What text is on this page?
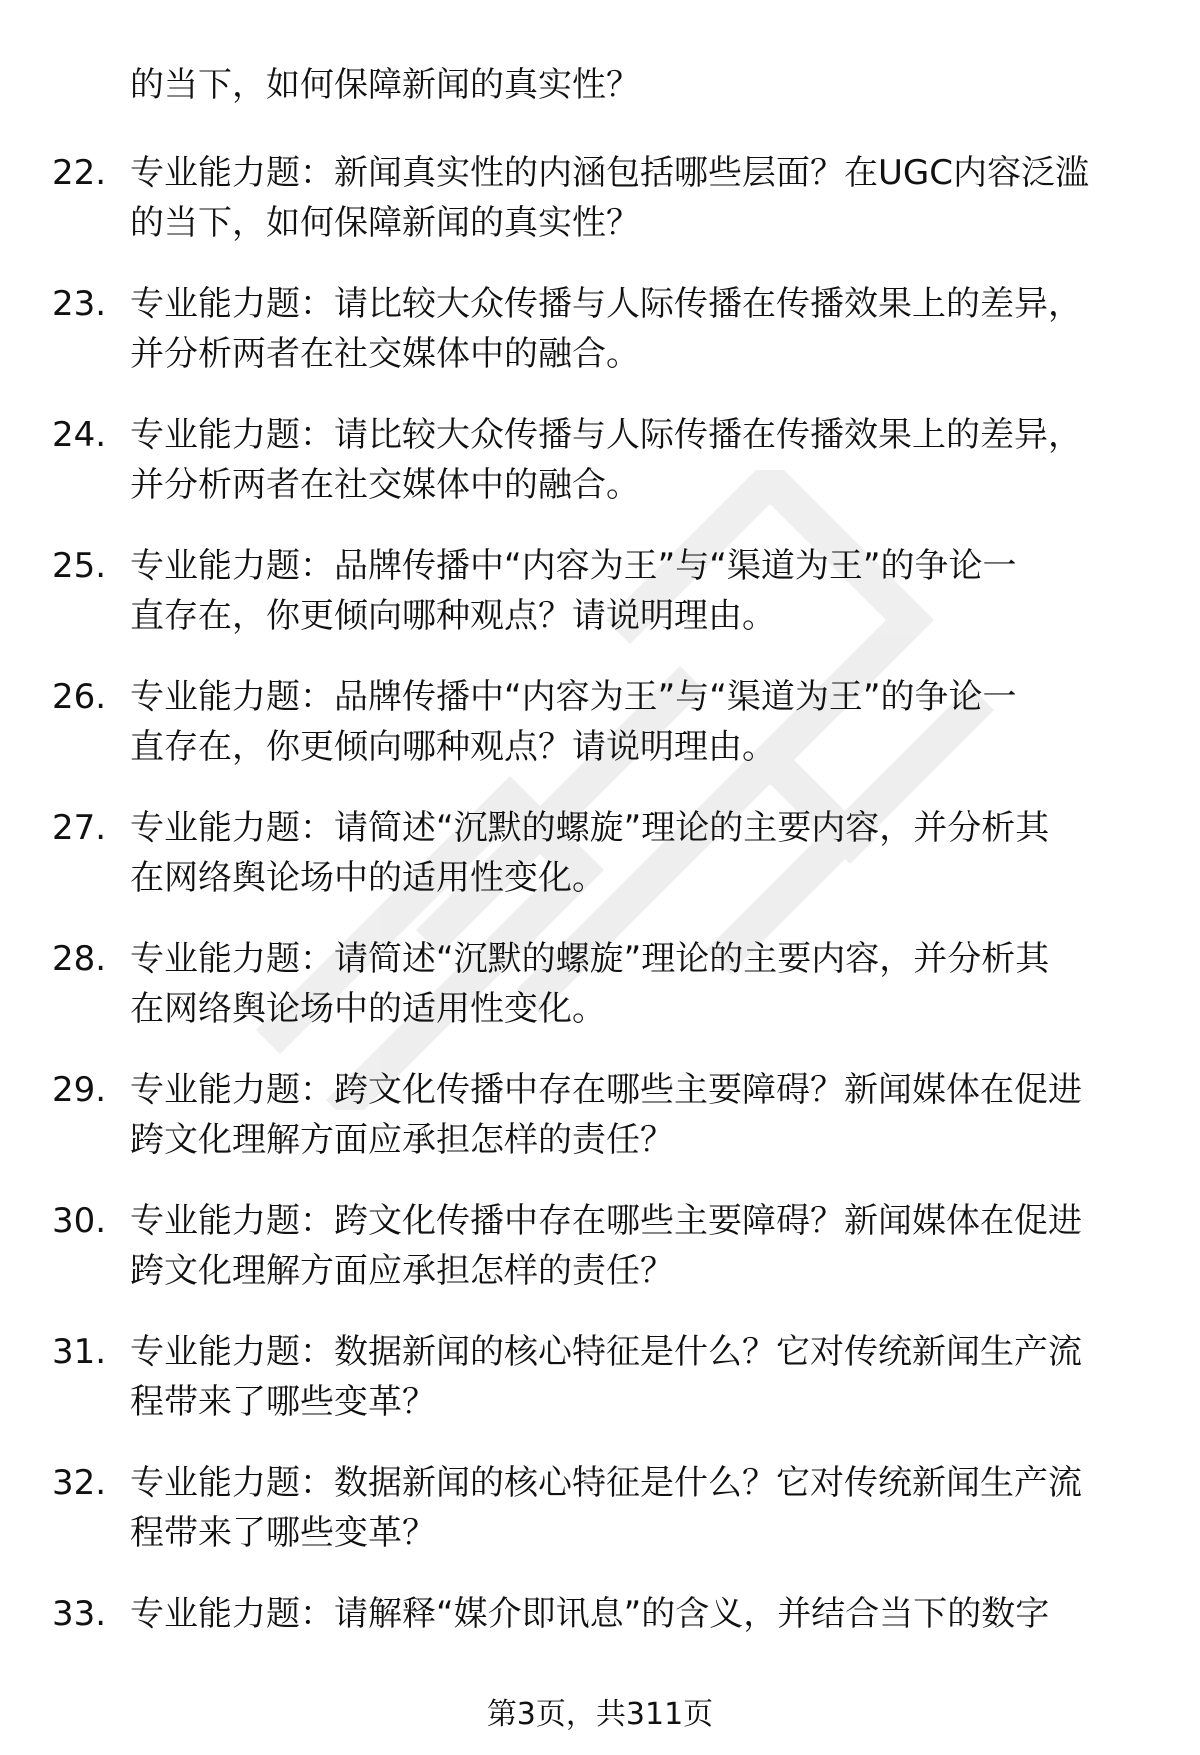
的当下，如何保障新闻的真实性？
22. 专业能力题：新闻真实性的内涵包括哪些层面？在UGC内容泛滥
的当下，如何保障新闻的真实性？
23. 专业能力题：请比较大众传播与人际传播在传播效果上的差异，
并分析两者在社交媒体中的融合。
24. 专业能力题：请比较大众传播与人际传播在传播效果上的差异，
并分析两者在社交媒体中的融合。
25. 专业能力题：品牌传播中“内容为王”与“渠道为王”的争论一
直存在，你更倾向哪种观点？请说明理由。
26. 专业能力题：品牌传播中“内容为王”与“渠道为王”的争论一
直存在，你更倾向哪种观点？请说明理由。
27. 专业能力题：请简述“沉默的螺旋”理论的主要内容，并分析其
在网络舆论场中的适用性变化。
28. 专业能力题：请简述“沉默的螺旋”理论的主要内容，并分析其
在网络舆论场中的适用性变化。
29. 专业能力题：跨文化传播中存在哪些主要障碍？新闻媒体在促进
跨文化理解方面应承担怎样的责任？
30. 专业能力题：跨文化传播中存在哪些主要障碍？新闻媒体在促进
跨文化理解方面应承担怎样的责任？
31. 专业能力题：数据新闻的核心特征是什么？它对传统新闻生产流
程带来了哪些变革？
32. 专业能力题：数据新闻的核心特征是什么？它对传统新闻生产流
程带来了哪些变革？
33. 专业能力题：请解释“媒介即讯息”的含义，并结合当下的数字
第3页，共311页
